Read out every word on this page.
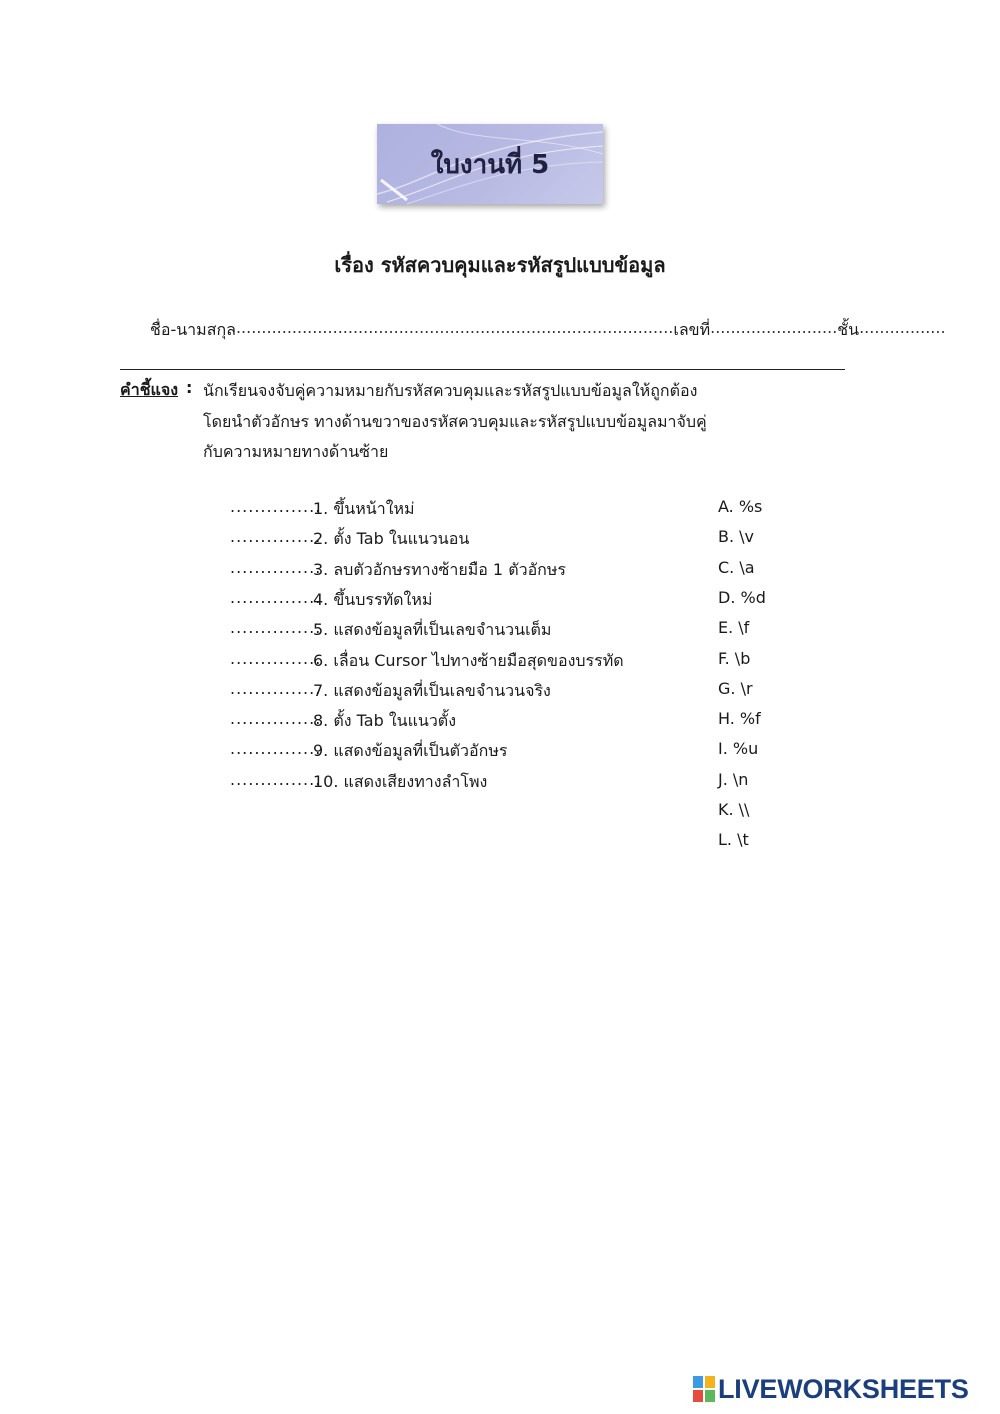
ใบงานที่ 5
เรื่อง รหัสควบคุมและรหัสรูปแบบข้อมูล
ชื่อ-นามสกุล ...................................................................................... เลขที่ ......................... ชั้น .................
คำชี้แจง : นักเรียนจงจับคู่ความหมายกับรหัสควบคุมและรหัสรูปแบบข้อมูลให้ถูกต้อง
โดยนำตัวอักษร ทางด้านขวาของรหัสควบคุมและรหัสรูปแบบข้อมูลมาจับคู่
กับความหมายทางด้านซ้าย
...............
1. ขึ้นหน้าใหม่
...............
2. ตั้ง Tab ในแนวนอน
...............
3. ลบตัวอักษรทางซ้ายมือ 1 ตัวอักษร
...............
4. ขึ้นบรรทัดใหม่
...............
5. แสดงข้อมูลที่เป็นเลขจำนวนเต็ม
...............
6. เลื่อน Cursor ไปทางซ้ายมือสุดของบรรทัด
...............
7. แสดงข้อมูลที่เป็นเลขจำนวนจริง
...............
8. ตั้ง Tab ในแนวตั้ง
...............
9. แสดงข้อมูลที่เป็นตัวอักษร
...............
10. แสดงเสียงทางลำโพง
A. %s
B. \v
C. \a
D. %d
E. \f
F. \b
G. \r
H. %f
I. %u
J. \n
K. \\
L. \t
LIVEWORKSHEETS
